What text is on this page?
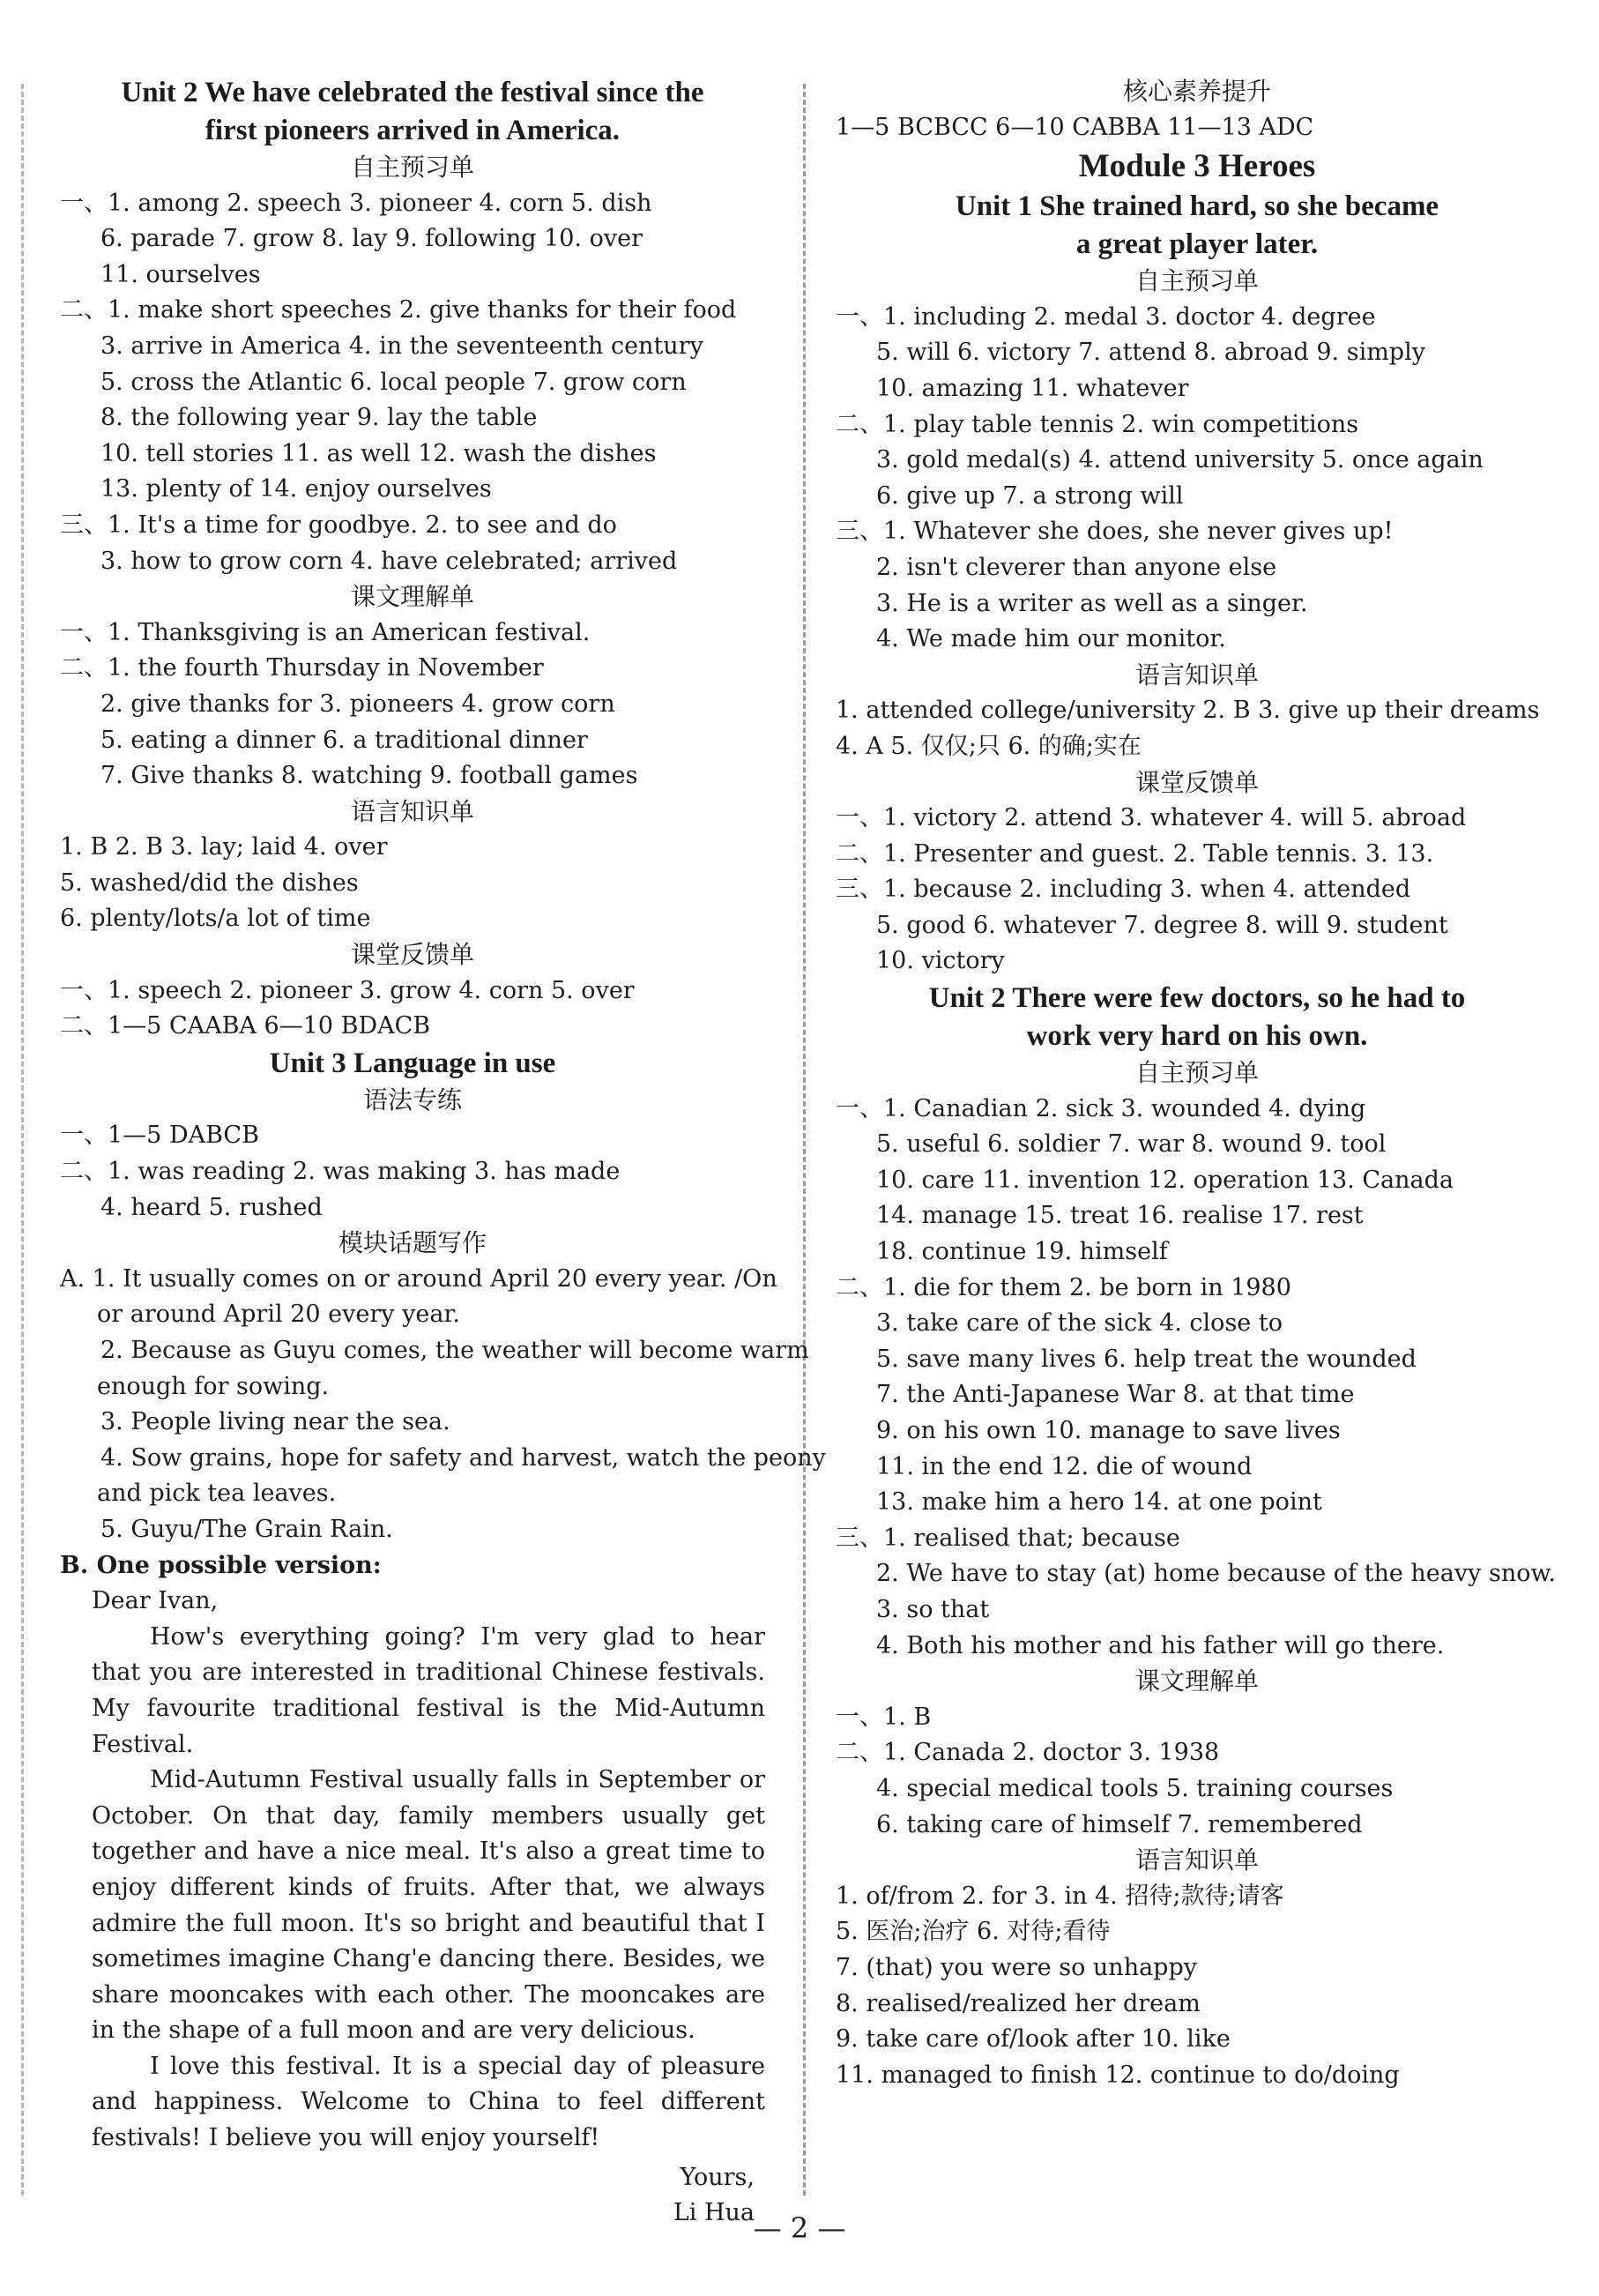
Unit 2 We have celebrated the festival since the
first pioneers arrived in America.
自主预习单
一、1. among 2. speech 3. pioneer 4. corn 5. dish
6. parade 7. grow 8. lay 9. following 10. over
11. ourselves
二、1. make short speeches 2. give thanks for their food
3. arrive in America 4. in the seventeenth century
5. cross the Atlantic 6. local people 7. grow corn
8. the following year 9. lay the table
10. tell stories 11. as well 12. wash the dishes
13. plenty of 14. enjoy ourselves
三、1. It's a time for goodbye. 2. to see and do
3. how to grow corn 4. have celebrated; arrived
课文理解单
一、1. Thanksgiving is an American festival.
二、1. the fourth Thursday in November
2. give thanks for 3. pioneers 4. grow corn
5. eating a dinner 6. a traditional dinner
7. Give thanks 8. watching 9. football games
语言知识单
1. B 2. B 3. lay; laid 4. over
5. washed/did the dishes
6. plenty/lots/a lot of time
课堂反馈单
一、1. speech 2. pioneer 3. grow 4. corn 5. over
二、1—5 CAABA 6—10 BDACB
Unit 3 Language in use
语法专练
一、1—5 DABCB
二、1. was reading 2. was making 3. has made
4. heard 5. rushed
模块话题写作
A. 1. It usually comes on or around April 20 every year. /On
or around April 20 every year.
2. Because as Guyu comes, the weather will become warm
enough for sowing.
3. People living near the sea.
4. Sow grains, hope for safety and harvest, watch the peony
and pick tea leaves.
5. Guyu/The Grain Rain.
B. One possible version:
Dear Ivan,
How's everything going? I'm very glad to hear that you are interested in traditional Chinese festivals. My favourite traditional festival is the Mid-Autumn Festival.
Mid-Autumn Festival usually falls in September or October. On that day, family members usually get together and have a nice meal. It's also a great time to enjoy different kinds of fruits. After that, we always admire the full moon. It's so bright and beautiful that I sometimes imagine Chang'e dancing there. Besides, we share mooncakes with each other. The mooncakes are in the shape of a full moon and are very delicious.
I love this festival. It is a special day of pleasure and happiness. Welcome to China to feel different festivals! I believe you will enjoy yourself!
Yours,
Li Hua
核心素养提升
1—5 BCBCC 6—10 CABBA 11—13 ADC
Module 3 Heroes
Unit 1 She trained hard, so she became
a great player later.
自主预习单
一、1. including 2. medal 3. doctor 4. degree
5. will 6. victory 7. attend 8. abroad 9. simply
10. amazing 11. whatever
二、1. play table tennis 2. win competitions
3. gold medal(s) 4. attend university 5. once again
6. give up 7. a strong will
三、1. Whatever she does, she never gives up!
2. isn't cleverer than anyone else
3. He is a writer as well as a singer.
4. We made him our monitor.
语言知识单
1. attended college/university 2. B 3. give up their dreams
4. A 5. 仅仅;只 6. 的确;实在
课堂反馈单
一、1. victory 2. attend 3. whatever 4. will 5. abroad
二、1. Presenter and guest. 2. Table tennis. 3. 13.
三、1. because 2. including 3. when 4. attended
5. good 6. whatever 7. degree 8. will 9. student
10. victory
Unit 2 There were few doctors, so he had to
work very hard on his own.
自主预习单
一、1. Canadian 2. sick 3. wounded 4. dying
5. useful 6. soldier 7. war 8. wound 9. tool
10. care 11. invention 12. operation 13. Canada
14. manage 15. treat 16. realise 17. rest
18. continue 19. himself
二、1. die for them 2. be born in 1980
3. take care of the sick 4. close to
5. save many lives 6. help treat the wounded
7. the Anti-Japanese War 8. at that time
9. on his own 10. manage to save lives
11. in the end 12. die of wound
13. make him a hero 14. at one point
三、1. realised that; because
2. We have to stay (at) home because of the heavy snow.
3. so that
4. Both his mother and his father will go there.
课文理解单
一、1. B
二、1. Canada 2. doctor 3. 1938
4. special medical tools 5. training courses
6. taking care of himself 7. remembered
语言知识单
1. of/from 2. for 3. in 4. 招待;款待;请客
5. 医治;治疗 6. 对待;看待
7. (that) you were so unhappy
8. realised/realized her dream
9. take care of/look after 10. like
11. managed to finish 12. continue to do/doing
— 2 —
